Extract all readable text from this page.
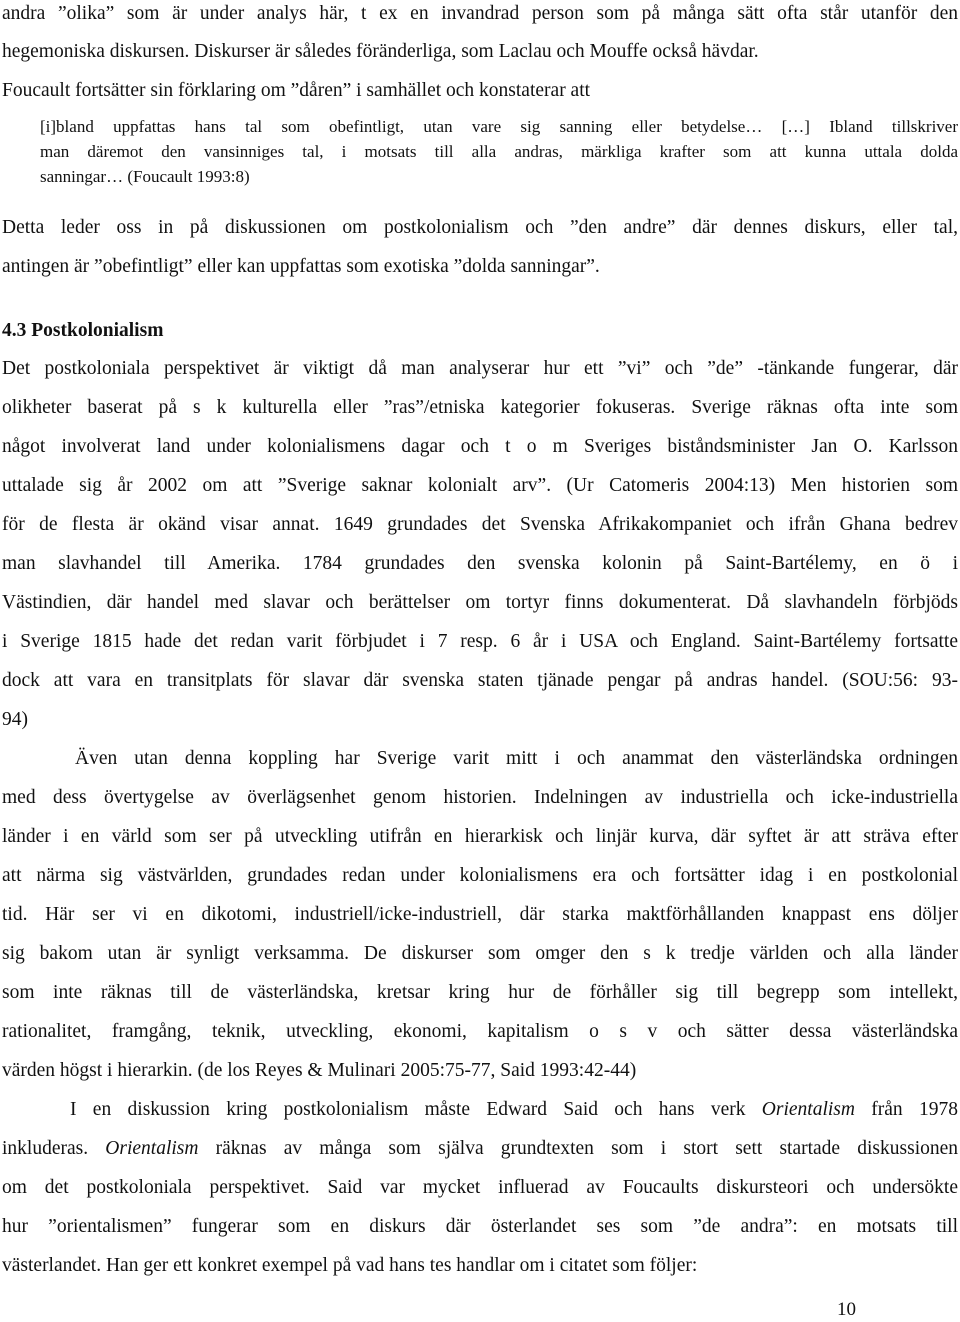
andra ”olika” som är under analys här, t ex en invandrad person som på många sätt ofta står utanför den
hegemoniska diskursen. Diskurser är således föränderliga, som Laclau och Mouffe också hävdar.
Foucault fortsätter sin förklaring om ”dåren” i samhället och konstaterar att
[i]bland uppfattas hans tal som obefintligt, utan vare sig sanning eller betydelse… […] Ibland tillskriver
man däremot den vansinniges tal, i motsats till alla andras, märkliga krafter som att kunna uttala dolda
sanningar… (Foucault 1993:8)
Detta leder oss in på diskussionen om postkolonialism och ”den andre” där dennes diskurs, eller tal,
antingen är ”obefintligt” eller kan uppfattas som exotiska ”dolda sanningar”.
4.3 Postkolonialism
Det postkoloniala perspektivet är viktigt då man analyserar hur ett ”vi” och ”de” -tänkande fungerar, där
olikheter baserat på s k kulturella eller ”ras”/etniska kategorier fokuseras. Sverige räknas ofta inte som
något involverat land under kolonialismens dagar och t o m Sveriges biståndsminister Jan O. Karlsson
uttalade sig år 2002 om att ”Sverige saknar kolonialt arv”. (Ur Catomeris 2004:13) Men historien som
för de flesta är okänd visar annat. 1649 grundades det Svenska Afrikakompaniet och ifrån Ghana bedrev
man slavhandel till Amerika. 1784 grundades den svenska kolonin på Saint-Bartélemy, en ö i
Västindien, där handel med slavar och berättelser om tortyr finns dokumenterat. Då slavhandeln förbjöds
i Sverige 1815 hade det redan varit förbjudet i 7 resp. 6 år i USA och England. Saint-Bartélemy fortsatte
dock att vara en transitplats för slavar där svenska staten tjänade pengar på andras handel. (SOU:56: 93-
94)
Även utan denna koppling har Sverige varit mitt i och anammat den västerländska ordningen
med dess övertygelse av överlägsenhet genom historien. Indelningen av industriella och icke-industriella
länder i en värld som ser på utveckling utifrån en hierarkisk och linjär kurva, där syftet är att sträva efter
att närma sig västvärlden, grundades redan under kolonialismens era och fortsätter idag i en postkolonial
tid. Här ser vi en dikotomi, industriell/icke-industriell, där starka maktförhållanden knappast ens döljer
sig bakom utan är synligt verksamma. De diskurser som omger den s k tredje världen och alla länder
som inte räknas till de västerländska, kretsar kring hur de förhåller sig till begrepp som intellekt,
rationalitet, framgång, teknik, utveckling, ekonomi, kapitalism o s v och sätter dessa västerländska
värden högst i hierarkin. (de los Reyes & Mulinari 2005:75-77, Said 1993:42-44)
I en diskussion kring postkolonialism måste Edward Said och hans verk Orientalism från 1978
inkluderas. Orientalism räknas av många som själva grundtexten som i stort sett startade diskussionen
om det postkoloniala perspektivet. Said var mycket influerad av Foucaults diskursteori och undersökte
hur ”orientalismen” fungerar som en diskurs där österlandet ses som ”de andra”: en motsats till
västerlandet. Han ger ett konkret exempel på vad hans tes handlar om i citatet som följer:
10
